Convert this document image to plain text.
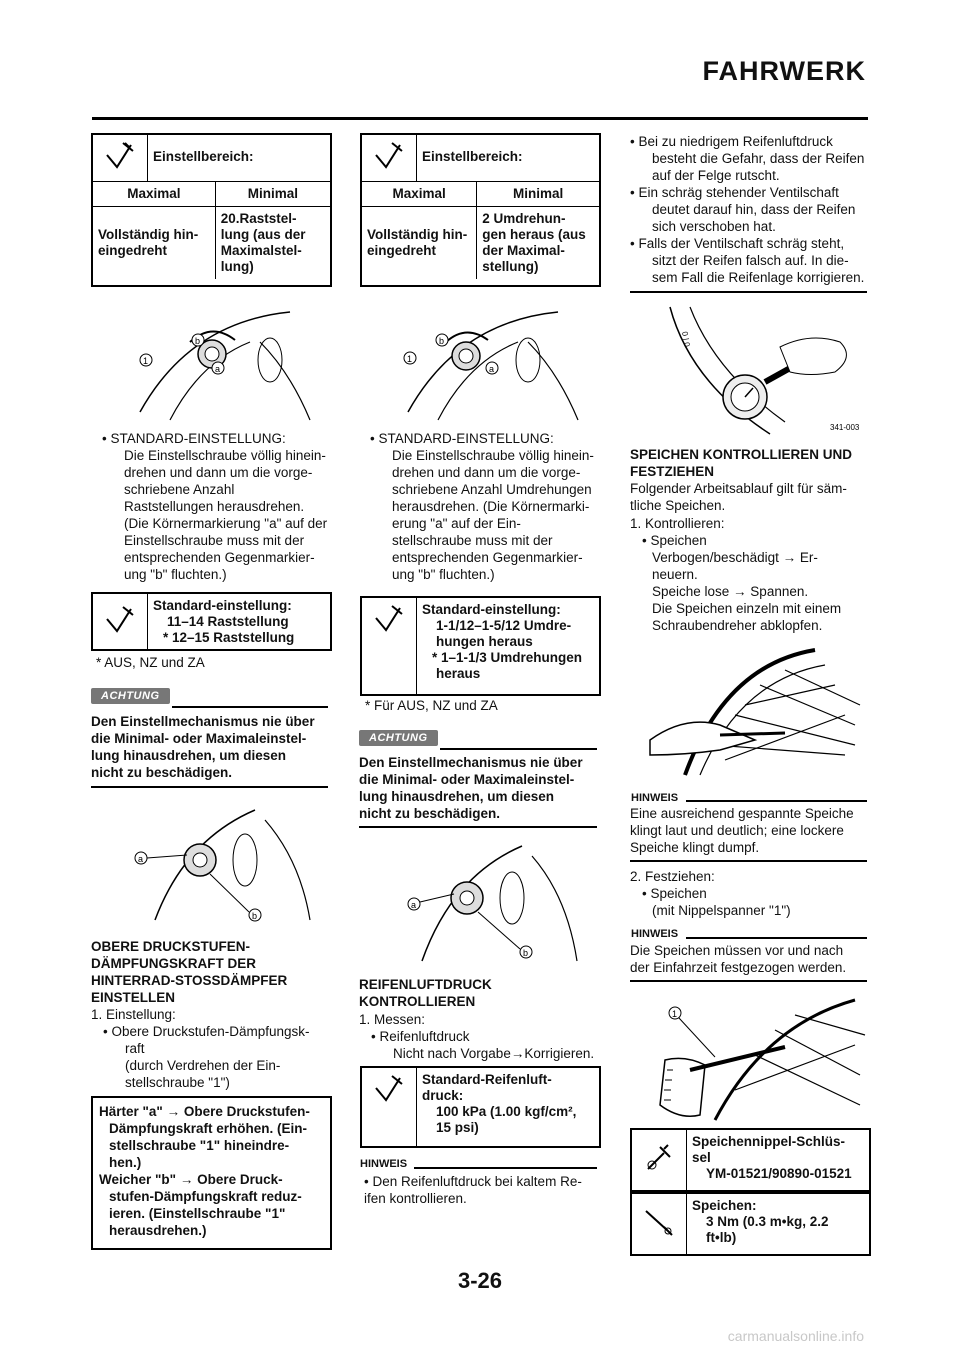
FAHRWERK
	Einstellbereich:	
Maximal		Minimal
Vollständig hin-
eingedreht		20.Raststel-
lung (aus der
Maximalstel-
lung)
1
b
a

• STANDARD-EINSTELLUNG:

Die Einstellschraube völlig hinein-

drehen und dann um die vorge-

schriebene Anzahl

Raststellungen herausdrehen.

(Die Körnermarkierung "a" auf der

Einstellschraube muss mit der

entsprechenden Gegenmarkier-

ung "b" fluchten.)

Standard-einstellung:
11–14 Raststellung
* 12–15 Raststellung
* AUS, NZ und ZA
ACHTUNG
Den Einstellmechanismus nie über
die Minimal- oder Maximaleinstel-
lung hinausdrehen, um diesen
nicht zu beschädigen.
a
b
OBERE DRUCKSTUFEN-
DÄMPFUNGSKRAFT DER
HINTERRAD-STOSSDÄMPFER
EINSTELLEN

1. Einstellung:

• Obere Druckstufen-Dämpfungsk-

raft

(durch Verdrehen der Ein-

stellschraube "1")

Härter "a" → Obere Druckstufen-
Dämpfungskraft erhöhen. (Ein-
stellschraube "1" hineindre-
hen.)
Weicher "b" → Obere Druck-
stufen-Dämpfungskraft reduz-
ieren. (Einstellschraube "1"
herausdrehen.)
	Einstellbereich:	
Maximal		Minimal
Vollständig hin-
eingedreht		2 Umdrehun-
gen heraus (aus
der Maximal-
stellung)
1
b
a

• STANDARD-EINSTELLUNG:

Die Einstellschraube völlig hinein-

drehen und dann um die vorge-

schriebene Anzahl Umdrehungen

herausdrehen. (Die Körnermarki-

erung "a" auf der Ein-

stellschraube muss mit der

entsprechenden Gegenmarkier-

ung "b" fluchten.)

Standard-einstellung:
1-1/12–1-5/12 Umdre-
hungen heraus
* 1–1-1/3 Umdrehungen
heraus
* Für AUS, NZ und ZA
ACHTUNG
Den Einstellmechanismus nie über
die Minimal- oder Maximaleinstel-
lung hinausdrehen, um diesen
nicht zu beschädigen.
a
b
REIFENLUFTDRUCK
KONTROLLIEREN

1. Messen:

• Reifenluftdruck

Nicht nach Vorgabe→Korrigieren.

Standard-Reifenluft-
druck:
100 kPa (1.00 kgf/cm²,
15 psi)
HINWEIS
• Den Reifenluftdruck bei kaltem Re-
ifen kontrollieren.

• Bei zu niedrigem Reifenluftdruck

besteht die Gefahr, dass der Reifen

auf der Felge rutscht.

• Ein schräg stehender Ventilschaft

deutet darauf hin, dass der Reifen

sich verschoben hat.

• Falls der Ventilschaft schräg steht,

sitzt der Reifen falsch auf. In die-

sem Fall die Reifenlage korrigieren.

0 | 0
341-003
SPEICHEN KONTROLLIEREN UND
FESTZIEHEN
Folgender Arbeitsablauf gilt für säm-
tliche Speichen.

1. Kontrollieren:

• Speichen

Verbogen/beschädigt → Er-

neuern.

Speiche lose → Spannen.

Die Speichen einzeln mit einem

Schraubendreher abklopfen.

HINWEIS
Eine ausreichend gespannte Speiche
klingt laut und deutlich; eine lockere
Speiche klingt dumpf.

2. Festziehen:

• Speichen

(mit Nippelspanner "1")

HINWEIS
Die Speichen müssen vor und nach
der Einfahrzeit festgezogen werden.
1

Speichennippel-Schlüs-
sel
YM-01521/90890-01521

Speichen:
3 Nm (0.3 m•kg, 2.2
ft•lb)
3-26
carmanualsonline.info
